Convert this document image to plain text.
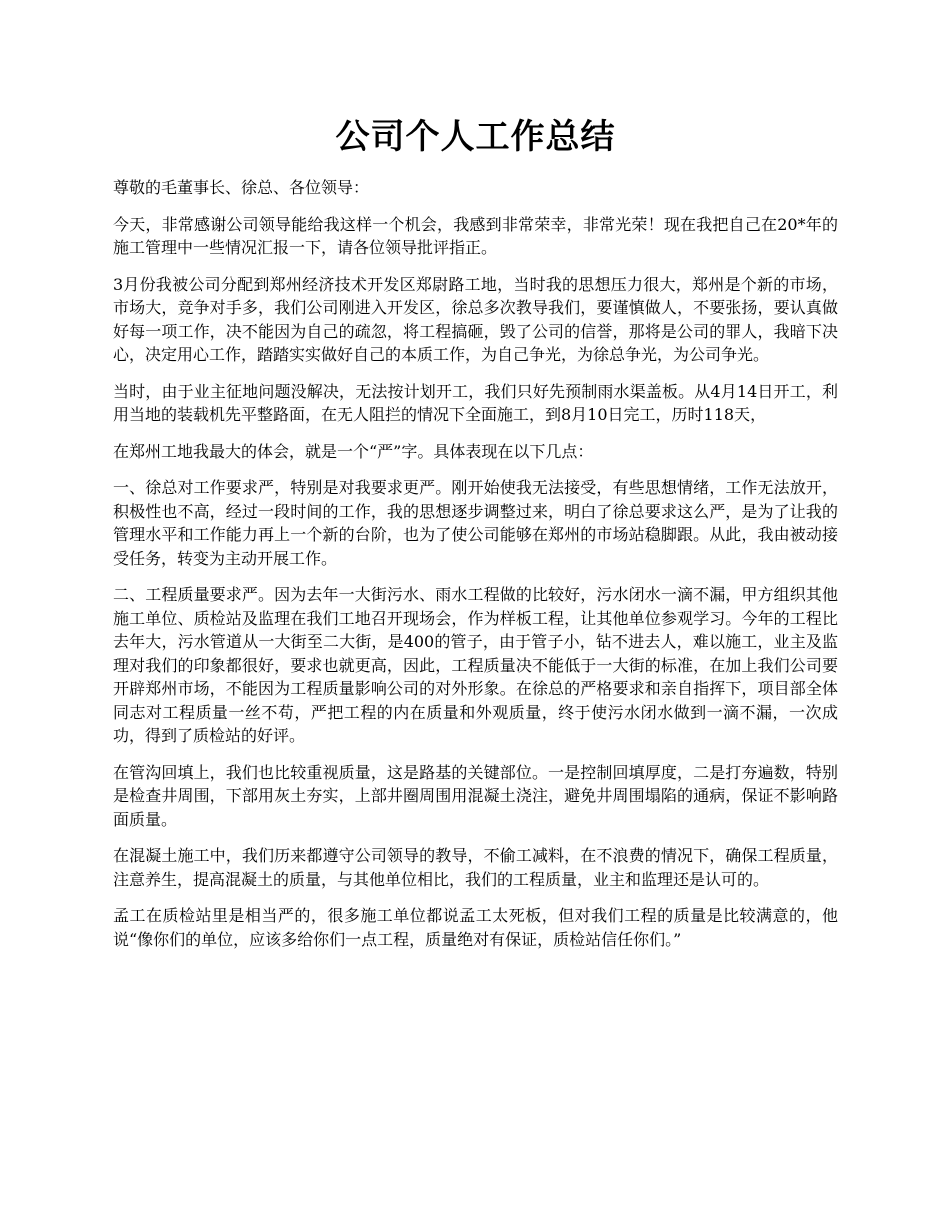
公司个人工作总结

尊敬的毛董事长、徐总、各位领导：

今天，非常感谢公司领导能给我这样一个机会，我感到非常荣幸，非常光荣！现在我把自己在20*年的施工管理中一些情况汇报一下，请各位领导批评指正。

3月份我被公司分配到郑州经济技术开发区郑尉路工地，当时我的思想压力很大，郑州是个新的市场，市场大，竞争对手多，我们公司刚进入开发区，徐总多次教导我们，要谨慎做人，不要张扬，要认真做好每一项工作，决不能因为自己的疏忽，将工程搞砸，毁了公司的信誉，那将是公司的罪人，我暗下决心，决定用心工作，踏踏实实做好自己的本质工作，为自己争光，为徐总争光，为公司争光。

当时，由于业主征地问题没解决，无法按计划开工，我们只好先预制雨水渠盖板。从4月14日开工，利用当地的装载机先平整路面，在无人阻拦的情况下全面施工，到8月10日完工，历时118天，

在郑州工地我最大的体会，就是一个“严”字。具体表现在以下几点：

一、徐总对工作要求严，特别是对我要求更严。刚开始使我无法接受，有些思想情绪，工作无法放开，积极性也不高，经过一段时间的工作，我的思想逐步调整过来，明白了徐总要求这么严，是为了让我的管理水平和工作能力再上一个新的台阶，也为了使公司能够在郑州的市场站稳脚跟。从此，我由被动接受任务，转变为主动开展工作。

二、工程质量要求严。因为去年一大街污水、雨水工程做的比较好，污水闭水一滴不漏，甲方组织其他施工单位、质检站及监理在我们工地召开现场会，作为样板工程，让其他单位参观学习。今年的工程比去年大，污水管道从一大街至二大街，是400的管子，由于管子小，钻不进去人，难以施工，业主及监理对我们的印象都很好，要求也就更高，因此，工程质量决不能低于一大街的标准，在加上我们公司要开辟郑州市场，不能因为工程质量影响公司的对外形象。在徐总的严格要求和亲自指挥下，项目部全体同志对工程质量一丝不苟，严把工程的内在质量和外观质量，终于使污水闭水做到一滴不漏，一次成功，得到了质检站的好评。

在管沟回填上，我们也比较重视质量，这是路基的关键部位。一是控制回填厚度，二是打夯遍数，特别是检查井周围，下部用灰土夯实，上部井圈周围用混凝土浇注，避免井周围塌陷的通病，保证不影响路面质量。

在混凝土施工中，我们历来都遵守公司领导的教导，不偷工减料，在不浪费的情况下，确保工程质量，注意养生，提高混凝土的质量，与其他单位相比，我们的工程质量，业主和监理还是认可的。

孟工在质检站里是相当严的，很多施工单位都说孟工太死板，但对我们工程的质量是比较满意的，他说“像你们的单位，应该多给你们一点工程，质量绝对有保证，质检站信任你们。”
